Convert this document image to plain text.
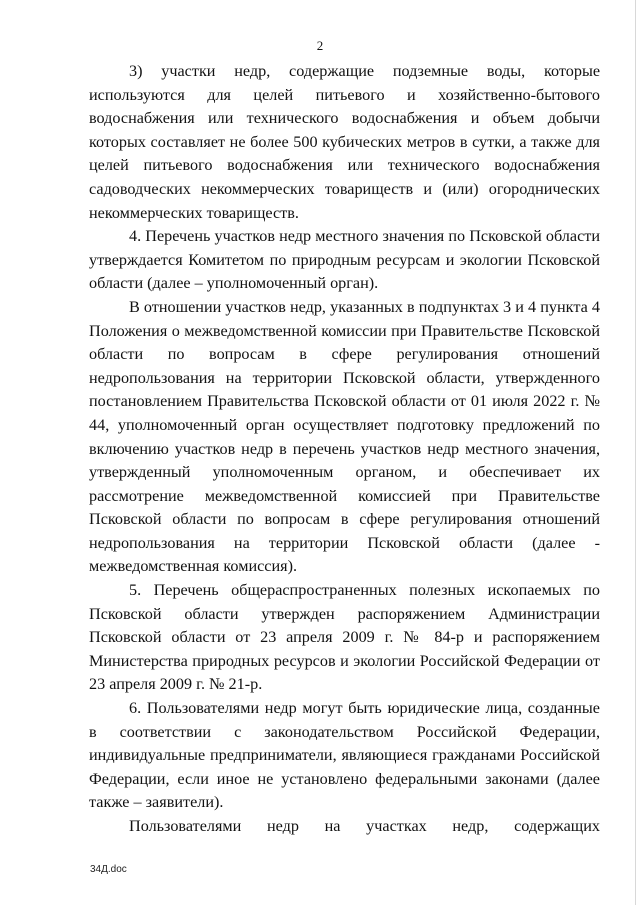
2

3) участки недр, содержащие подземные воды, которые используются для целей питьевого и хозяйственно-бытового водоснабжения или технического водоснабжения и объем добычи которых составляет не более 500 кубических метров в сутки, а также для целей питьевого водоснабжения или технического водоснабжения садоводческих некоммерческих товариществ и (или) огороднических некоммерческих товариществ.

4. Перечень участков недр местного значения по Псковской области утверждается Комитетом по природным ресурсам и экологии Псковской области (далее – уполномоченный орган).

В отношении участков недр, указанных в подпунктах 3 и 4 пункта 4 Положения о межведомственной комиссии при Правительстве Псковской области по вопросам в сфере регулирования отношений недропользования на территории Псковской области, утвержденного постановлением Правительства Псковской области от 01 июля 2022 г. № 44, уполномоченный орган осуществляет подготовку предложений по включению участков недр в перечень участков недр местного значения, утвержденный уполномоченным органом, и обеспечивает их рассмотрение межведомственной комиссией при Правительстве Псковской области по вопросам в сфере регулирования отношений недропользования на территории Псковской области (далее - межведомственная комиссия).

5. Перечень общераспространенных полезных ископаемых по Псковской области утвержден распоряжением Администрации Псковской области от 23 апреля 2009 г. № 84-р и распоряжением Министерства природных ресурсов и экологии Российской Федерации от 23 апреля 2009 г. № 21-р.

6. Пользователями недр могут быть юридические лица, созданные в соответствии с законодательством Российской Федерации, индивидуальные предприниматели, являющиеся гражданами Российской Федерации, если иное не установлено федеральными законами (далее также – заявители).

Пользователями недр на участках недр, содержащих

34Д.doc
